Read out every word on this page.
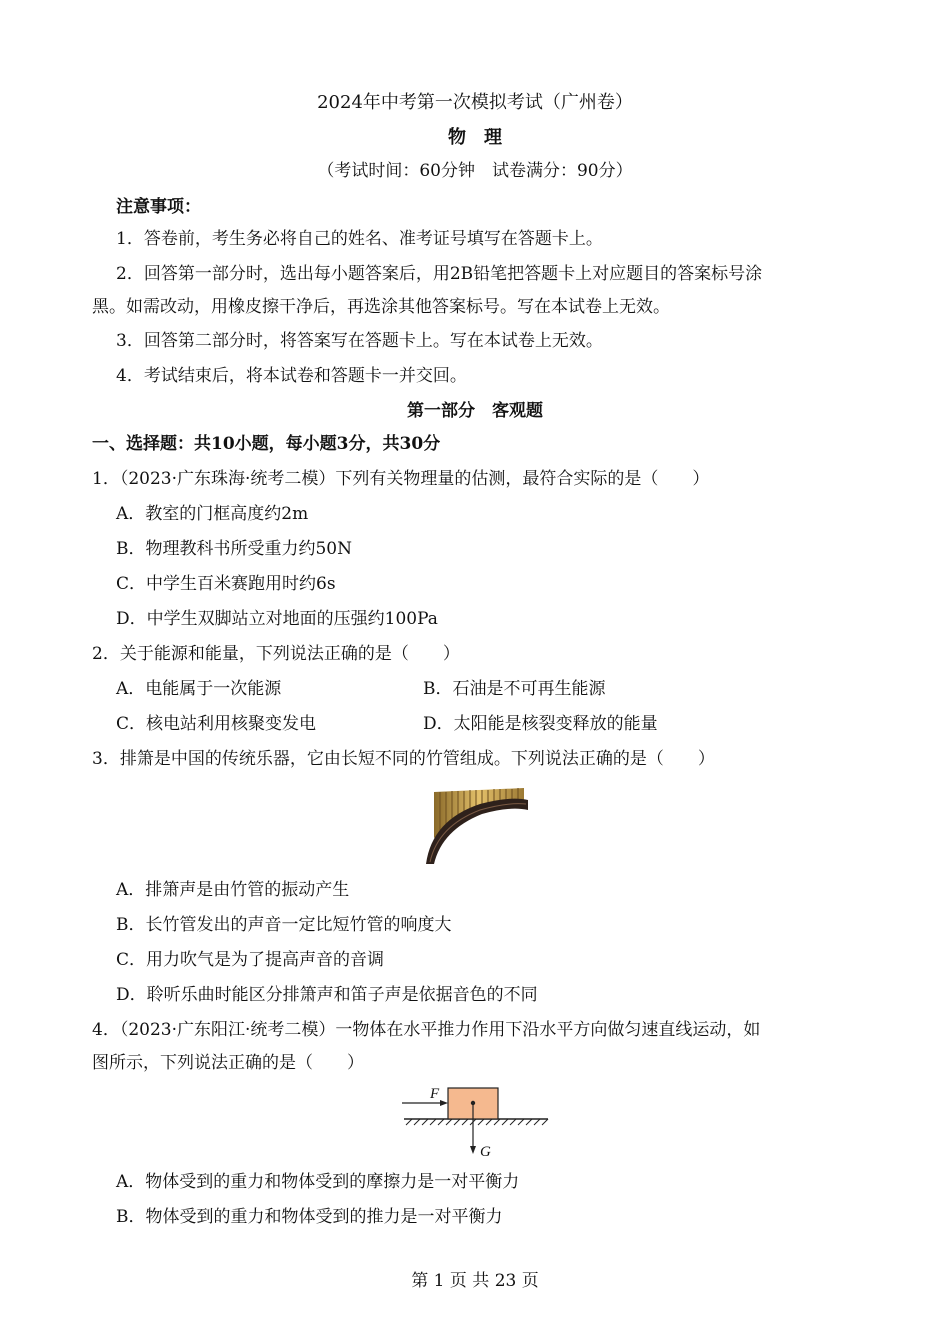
2024年中考第一次模拟考试（广州卷）
物　理
（考试时间：60分钟　试卷满分：90分）
注意事项：
1．答卷前，考生务必将自己的姓名、准考证号填写在答题卡上。
2．回答第一部分时，选出每小题答案后，用2B铅笔把答题卡上对应题目的答案标号涂
黑。如需改动，用橡皮擦干净后，再选涂其他答案标号。写在本试卷上无效。
3．回答第二部分时，将答案写在答题卡上。写在本试卷上无效。
4．考试结束后，将本试卷和答题卡一并交回。
第一部分　客观题
一、选择题：共10小题，每小题3分，共30分
1．（2023·广东珠海·统考二模）下列有关物理量的估测，最符合实际的是（　　）
A．教室的门框高度约2m
B．物理教科书所受重力约50N
C．中学生百米赛跑用时约6s
D．中学生双脚站立对地面的压强约100Pa
2．关于能源和能量，下列说法正确的是（　　）
A．电能属于一次能源	B．石油是不可再生能源
C．核电站利用核聚变发电	D．太阳能是核裂变释放的能量
3．排箫是中国的传统乐器，它由长短不同的竹管组成。下列说法正确的是（　　）
A．排箫声是由竹管的振动产生
B．长竹管发出的声音一定比短竹管的响度大
C．用力吹气是为了提高声音的音调
D．聆听乐曲时能区分排箫声和笛子声是依据音色的不同
4．（2023·广东阳江·统考二模）一物体在水平推力作用下沿水平方向做匀速直线运动，如
图所示，下列说法正确的是（　　）
F
G
A．物体受到的重力和物体受到的摩擦力是一对平衡力
B．物体受到的重力和物体受到的推力是一对平衡力
第 1 页 共 23 页
